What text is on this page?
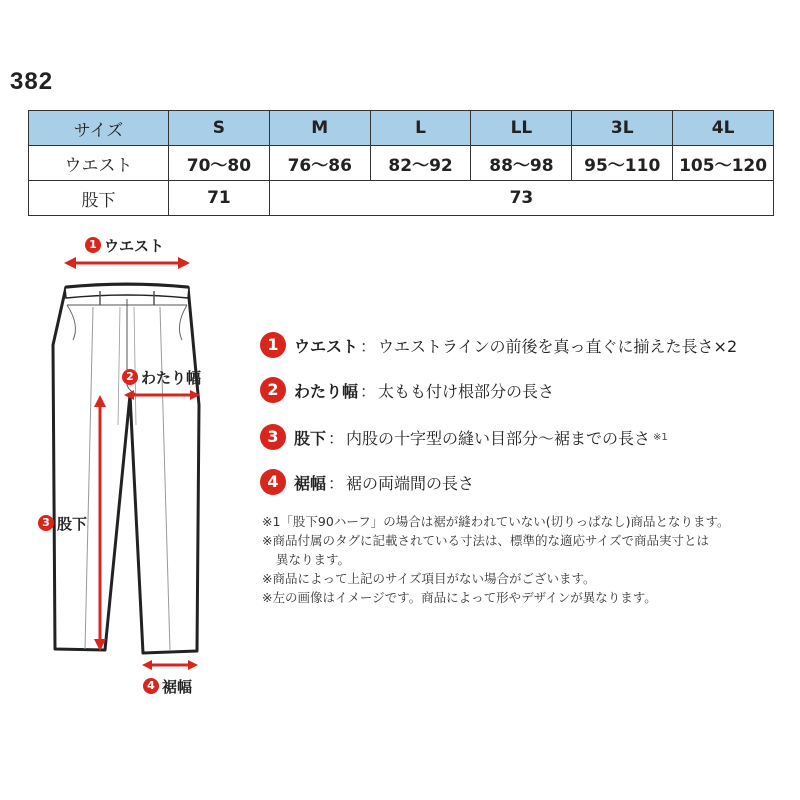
382
サイズ	S	M	L	LL	3L	4L
ウエスト	70〜80	76〜86	82〜92	88〜98	95〜110	105〜120
股下	71	73				
1 ウエスト
2 わたり幅
3 股下
4 裾幅
1 ウエスト ： ウエストラインの前後を真っ直ぐに揃えた長さ×2
2 わたり幅 ： 太もも付け根部分の長さ
3 股下 ： 内股の十字型の縫い目部分〜裾までの長さ ※1
4 裾幅 ： 裾の両端間の長さ
※1「股下90ハーフ」の場合は裾が縫われていない(切りっぱなし)商品となります。
※商品付属のタグに記載されている寸法は、標準的な適応サイズで商品実寸とは
異なります。
※商品によって上記のサイズ項目がない場合がございます。
※左の画像はイメージです。商品によって形やデザインが異なります。
